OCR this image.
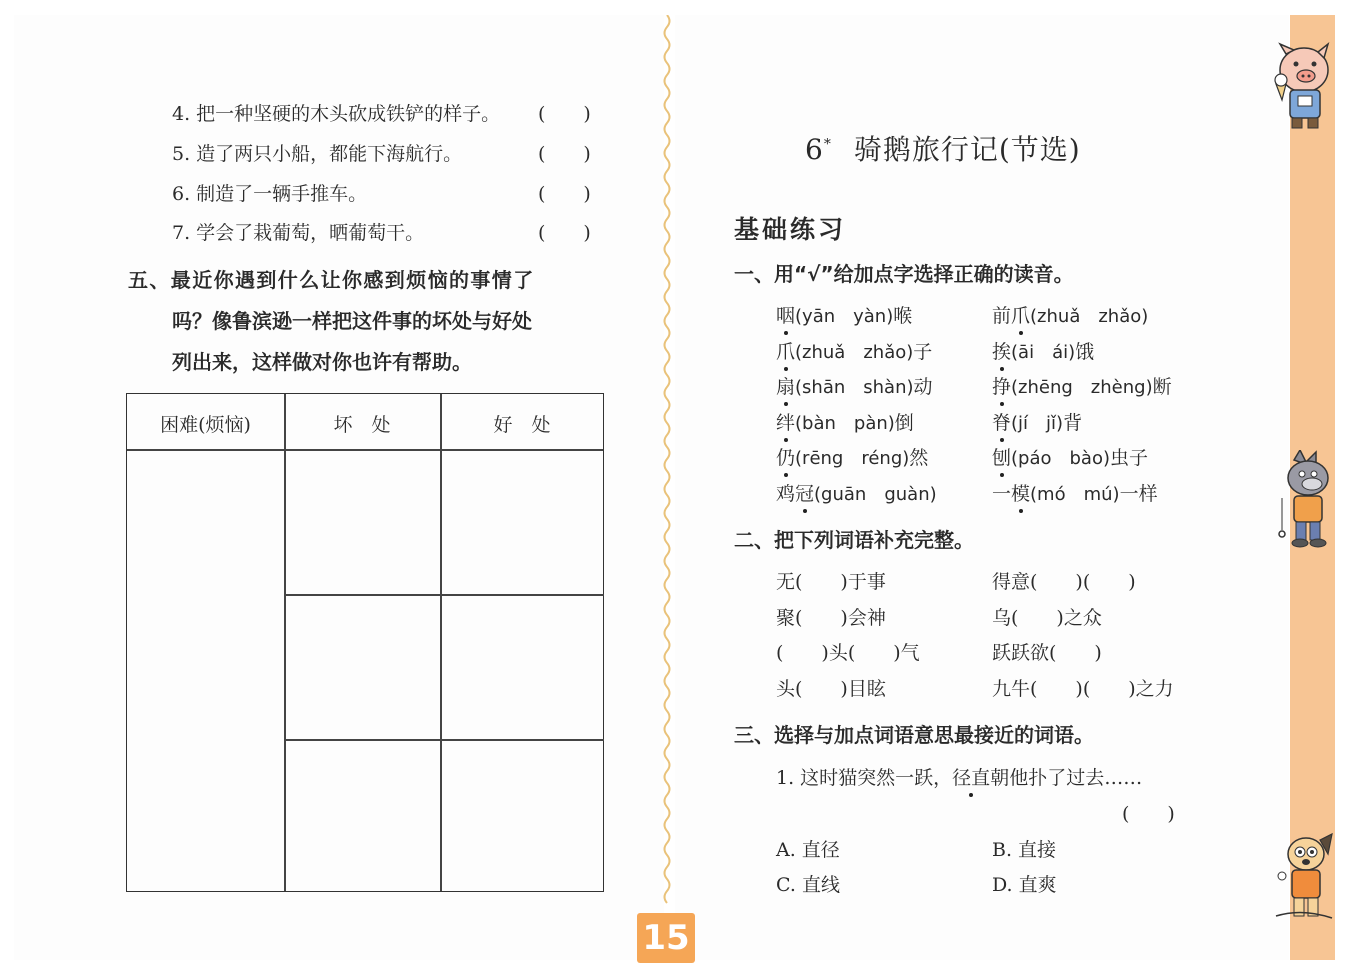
4. 把一种坚硬的木头砍成铁铲的样子。 (　　)
5. 造了两只小船，都能下海航行。	(　　)
6. 制造了一辆手推车。	(　　)
7. 学会了栽葡萄，晒葡萄干。	(　　)
五、最近你遇到什么让你感到烦恼的事情了
吗？像鲁滨逊一样把这件事的坏处与好处
列出来，这样做对你也许有帮助。
困难(烦恼)	坏　处	好　处
6* 骑鹅旅行记(节选)
基础练习
一、用“√”给加点字选择正确的读音。
咽(yān　yàn)喉	前爪(zhuǎ　zhǎo)
爪(zhuǎ　zhǎo)子	挨(āi　ái)饿
扇(shān　shàn)动	挣(zhēng　zhèng)断
绊(bàn　pàn)倒	脊(jí　jǐ)背
仍(rēng　réng)然	刨(páo　bào)虫子
鸡冠(guān　guàn)	一模(mó　mú)一样
二、把下列词语补充完整。
无(　　)于事	得意(　　)(　　)
聚(　　)会神	乌(　　)之众
(　　)头(　　)气	跃跃欲(　　)
头(　　)目眩	九牛(　　)(　　)之力
三、选择与加点词语意思最接近的词语。
1. 这时猫突然一跃，径直朝他扑了过去……
(　　)
A. 直径	B. 直接
C. 直线	D. 直爽
15
